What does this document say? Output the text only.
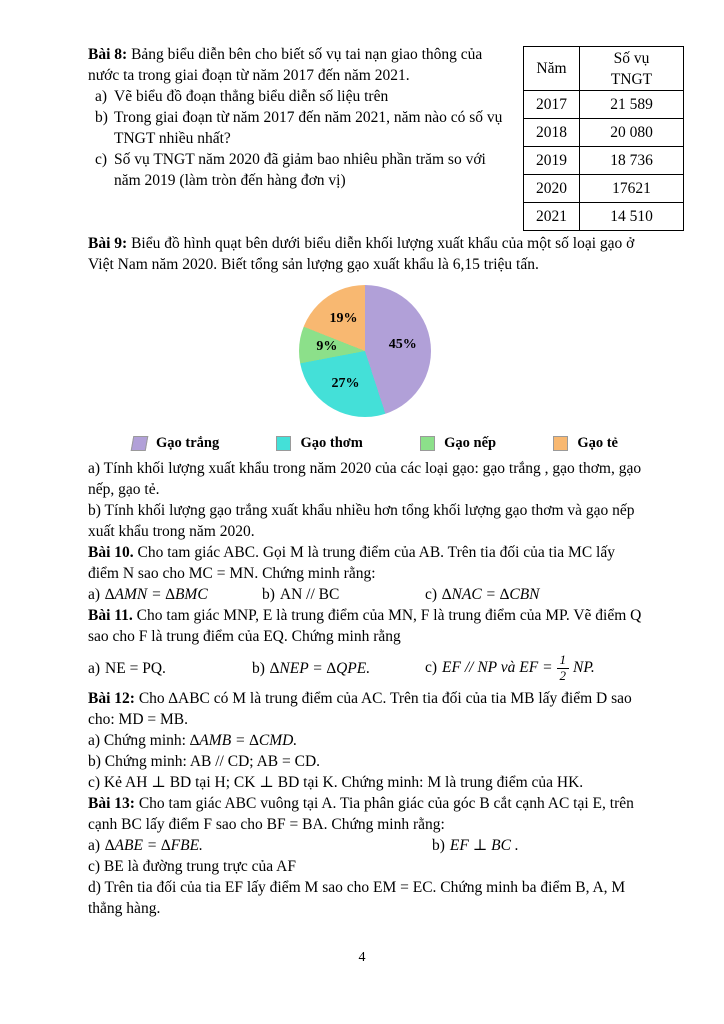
Bài 8: Bảng biểu diễn bên cho biết số vụ tai nạn giao thông của nước ta trong giai đoạn từ năm 2017 đến năm 2021.

a) Vẽ biểu đồ đoạn thẳng biểu diễn số liệu trên
b) Trong giai đoạn từ năm 2017 đến năm 2021, năm nào có số vụ TNGT nhiều nhất?
c) Số vụ TNGT năm 2020 đã giảm bao nhiêu phần trăm so với năm 2019 (làm tròn đến hàng đơn vị)
Năm	Số vụ
TNGT

2017	21 589
2018	20 080
2019	18 736
2020	17621
2021	14 510

Bài 9: Biểu đồ hình quạt bên dưới biểu diễn khối lượng xuất khẩu của một số loại gạo ở Việt Nam năm 2020. Biết tổng sản lượng gạo xuất khẩu là 6,15 triệu tấn.

45%
27%
9%
19%
Gạo trắng	Gạo thơm	Gạo nếp	Gạo tẻ

a) Tính khối lượng xuất khẩu trong năm 2020 của các loại gạo: gạo trắng , gạo thơm, gạo nếp, gạo tẻ.

b) Tính khối lượng gạo trắng xuất khẩu nhiều hơn tổng khối lượng gạo thơm và gạo nếp xuất khẩu trong năm 2020.

Bài 10. Cho tam giác ABC. Gọi M là trung điểm của AB. Trên tia đối của tia MC lấy điểm N sao cho MC = MN. Chứng minh rằng:

a) ∆AMN = ∆BMC	b) AN // BC	c) ∆NAC = ∆CBN

Bài 11. Cho tam giác MNP, E là trung điểm của MN, F là trung điểm của MP. Vẽ điểm Q sao cho F là trung điểm của EQ. Chứng minh rằng

a) NE = PQ.	b) ∆NEP = ∆QPE.	c) EF // NP và EF = $\frac{1}{2}$ NP.

Bài 12: Cho ∆ABC có M là trung điểm của AC. Trên tia đối của tia MB lấy điểm D sao cho: MD = MB.

a) Chứng minh: ∆AMB = ∆CMD.

b) Chứng minh: AB // CD; AB = CD.

c) Kẻ AH ⊥ BD tại H; CK ⊥ BD tại K. Chứng minh: M là trung điểm của HK.

Bài 13: Cho tam giác ABC vuông tại A. Tia phân giác của góc B cắt cạnh AC tại E, trên cạnh BC lấy điểm F sao cho BF = BA. Chứng minh rằng:

a) ∆ABE = ∆FBE.	b) EF ⊥ BC .

c) BE là đường trung trực của AF

d) Trên tia đối của tia EF lấy điểm M sao cho EM = EC. Chứng minh ba điểm B, A, M thẳng hàng.

4
